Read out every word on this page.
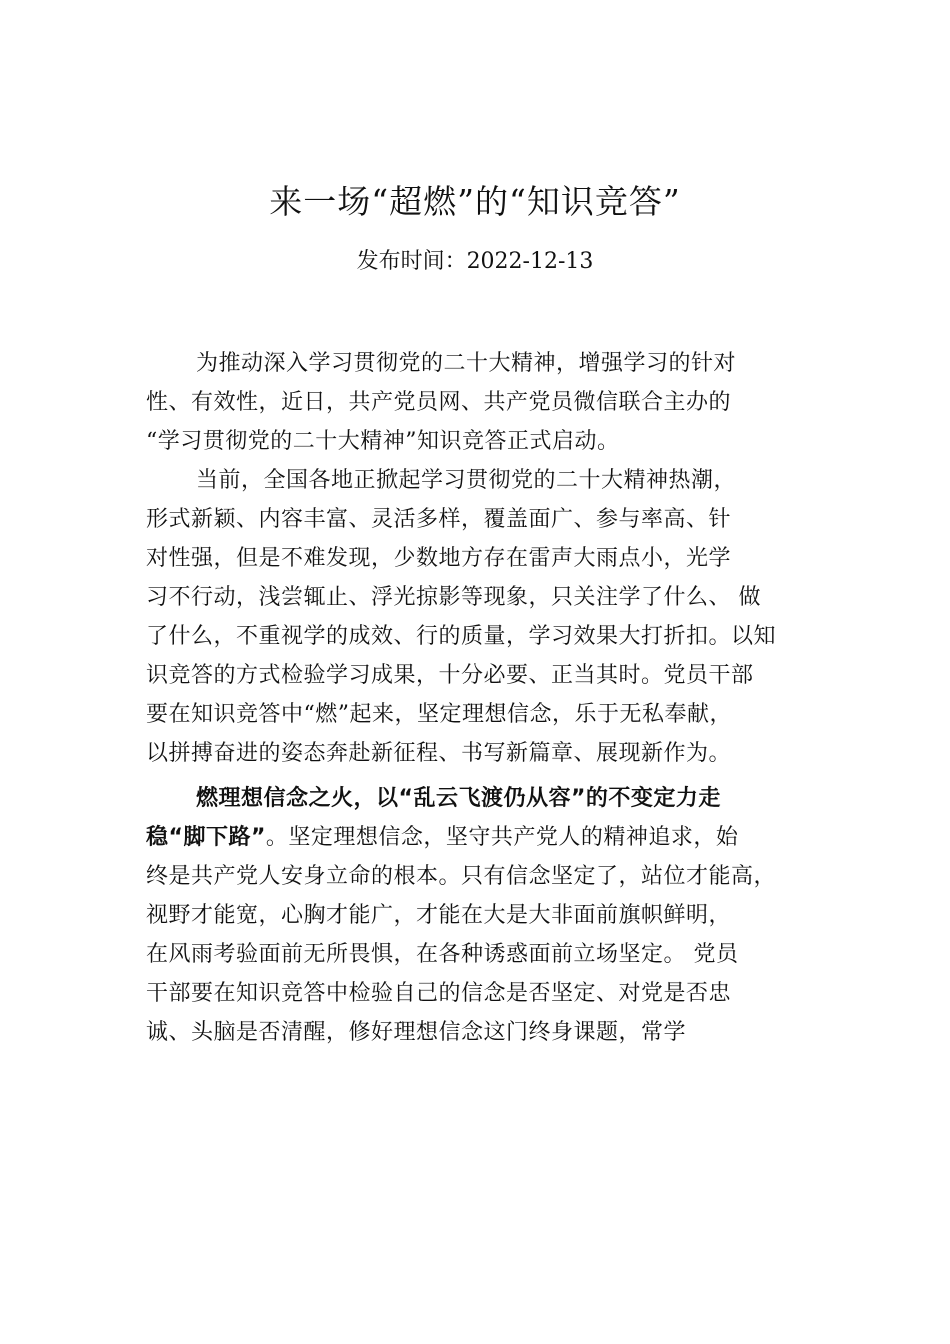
来一场“超燃”的“知识竞答”
发布时间：2022-12-13
为推动深入学习贯彻党的二十大精神，增强学习的针对
性、有效性，近日，共产党员网、共产党员微信联合主办的
“学习贯彻党的二十大精神”知识竞答正式启动。
当前，全国各地正掀起学习贯彻党的二十大精神热潮，
形式新颖、内容丰富、灵活多样，覆盖面广、参与率高、针
对性强，但是不难发现，少数地方存在雷声大雨点小，光学
习不行动，浅尝辄止、浮光掠影等现象，只关注学了什么、 做
了什么，不重视学的成效、行的质量，学习效果大打折扣。以知
识竞答的方式检验学习成果，十分必要、正当其时。党员干部
要在知识竞答中“燃”起来，坚定理想信念，乐于无私奉献，
以拼搏奋进的姿态奔赴新征程、书写新篇章、展现新作为。
燃理想信念之火，以“乱云飞渡仍从容”的不变定力走
稳“脚下路”。坚定理想信念，坚守共产党人的精神追求，始
终是共产党人安身立命的根本。只有信念坚定了，站位才能高，
视野才能宽，心胸才能广，才能在大是大非面前旗帜鲜明，
在风雨考验面前无所畏惧，在各种诱惑面前立场坚定。 党员
干部要在知识竞答中检验自己的信念是否坚定、对党是否忠
诚、头脑是否清醒，修好理想信念这门终身课题，常学
